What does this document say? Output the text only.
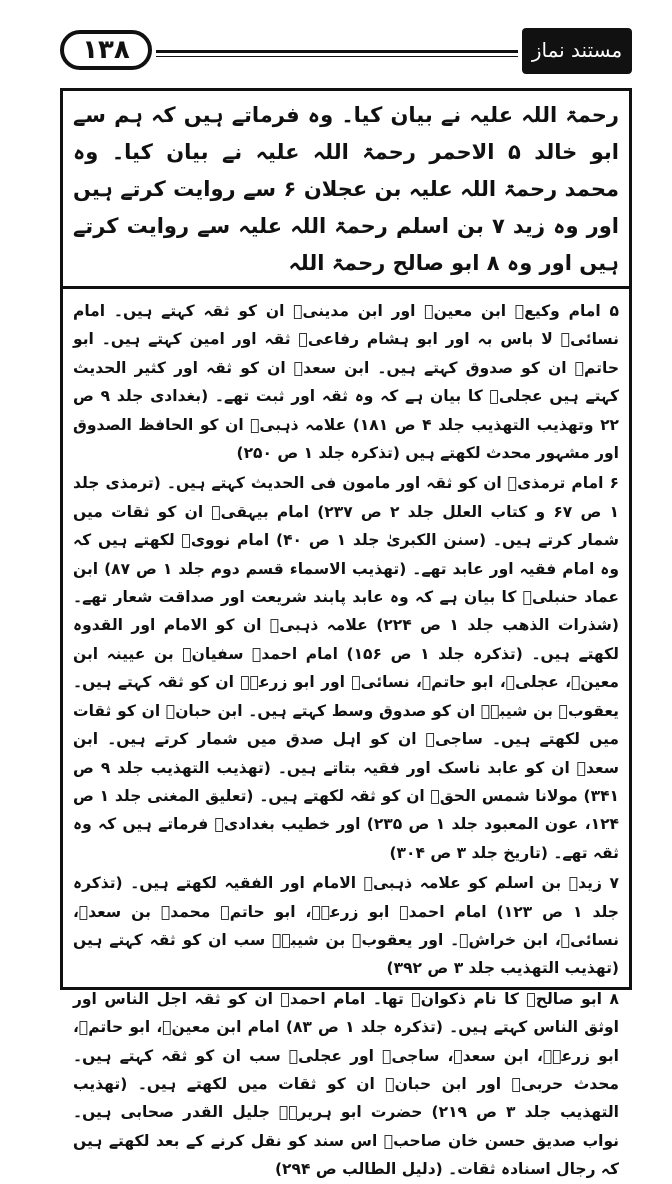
۱۳۸	مستند نماز حنفی

رحمۃ اللہ علیہ نے بیان کیا۔ وہ فرماتے ہیں کہ ہم سے ابو خالد ۵ الاحمر رحمۃ اللہ علیہ نے بیان کیا۔ وہ محمد رحمۃ اللہ علیہ بن عجلان ۶ سے روایت کرتے ہیں اور وہ زید ۷ بن اسلم رحمۃ اللہ علیہ سے روایت کرتے ہیں اور وہ ۸ ابو صالح رحمۃ اللہ

۵ امام وکیعؒ ابن معینؒ اور ابن مدینیؒ ان کو ثقہ کہتے ہیں۔ امام نسائیؒ لا باس بہ اور ابو ہشام رفاعیؒ ثقہ اور امین کہتے ہیں۔ ابو حاتمؒ ان کو صدوق کہتے ہیں۔ ابن سعدؒ ان کو ثقہ اور کثیر الحدیث کہتے ہیں عجلیؒ کا بیان ہے کہ وہ ثقہ اور ثبت تھے۔ (بغدادی جلد ۹ ص ۲۲ وتھذیب التھذیب جلد ۴ ص ۱۸۱) علامہ ذہبیؒ ان کو الحافظ الصدوق اور مشہور محدث لکھتے ہیں (تذکرہ جلد ۱ ص ۲۵۰)

۶ امام ترمذیؒ ان کو ثقہ اور مامون فی الحدیث کہتے ہیں۔ (ترمذی جلد ۱ ص ۶۷ و کتاب العلل جلد ۲ ص ۲۳۷) امام بیہقیؒ ان کو ثقات میں شمار کرتے ہیں۔ (سنن الکبریٰ جلد ۱ ص ۴۰) امام نوویؒ لکھتے ہیں کہ وہ امام فقیہ اور عابد تھے۔ (تھذیب الاسماء قسم دوم جلد ۱ ص ۸۷) ابن عماد حنبلیؒ کا بیان ہے کہ وہ عابد پابند شریعت اور صداقت شعار تھے۔ (شذرات الذھب جلد ۱ ص ۲۲۴) علامہ ذہبیؒ ان کو الامام اور القدوہ لکھتے ہیں۔ (تذکرہ جلد ۱ ص ۱۵۶) امام احمدؒ سفیانؒ بن عیینہ ابن معینؒ، عجلیؒ، ابو حاتمؒ، نسائیؒ اور ابو زرعہؒ ان کو ثقہ کہتے ہیں۔ یعقوبؒ بن شیبہؒ ان کو صدوق وسط کہتے ہیں۔ ابن حبانؒ ان کو ثقات میں لکھتے ہیں۔ ساجیؒ ان کو اہل صدق میں شمار کرتے ہیں۔ ابن سعدؒ ان کو عابد ناسک اور فقیہ بتاتے ہیں۔ (تھذیب التھذیب جلد ۹ ص ۳۴۱) مولانا شمس الحقؒ ان کو ثقہ لکھتے ہیں۔ (تعلیق المغنی جلد ۱ ص ۱۲۴، عون المعبود جلد ۱ ص ۲۳۵) اور خطیب بغدادیؒ فرماتے ہیں کہ وہ ثقہ تھے۔ (تاریخ جلد ۳ ص ۳۰۴)

۷ زیدؒ بن اسلم کو علامہ ذہبیؒ الامام اور الفقیہ لکھتے ہیں۔ (تذکرہ جلد ۱ ص ۱۲۳) امام احمدؒ ابو زرعہؒ، ابو حاتمؒ محمدؒ بن سعدؒ، نسائیؒ، ابن خراشؒ۔ اور یعقوبؒ بن شیبہؒ سب ان کو ثقہ کہتے ہیں (تھذیب التھذیب جلد ۳ ص ۳۹۲)

۸ ابو صالحؒ کا نام ذکوانؒ تھا۔ امام احمدؒ ان کو ثقہ اجل الناس اور اوثق الناس کہتے ہیں۔ (تذکرہ جلد ۱ ص ۸۳) امام ابن معینؒ، ابو حاتمؒ، ابو زرعہؒ، ابن سعدؒ، ساجیؒ اور عجلیؒ سب ان کو ثقہ کہتے ہیں۔ محدث حربیؒ اور ابن حبانؒ ان کو ثقات میں لکھتے ہیں۔ (تھذیب التھذیب جلد ۳ ص ۲۱۹) حضرت ابو ہریرہؓ جلیل القدر صحابی ہیں۔ نواب صدیق حسن خان صاحبؒ اس سند کو نقل کرنے کے بعد لکھتے ہیں کہ رجال اسنادہ ثقات۔ (دلیل الطالب ص ۲۹۴)
